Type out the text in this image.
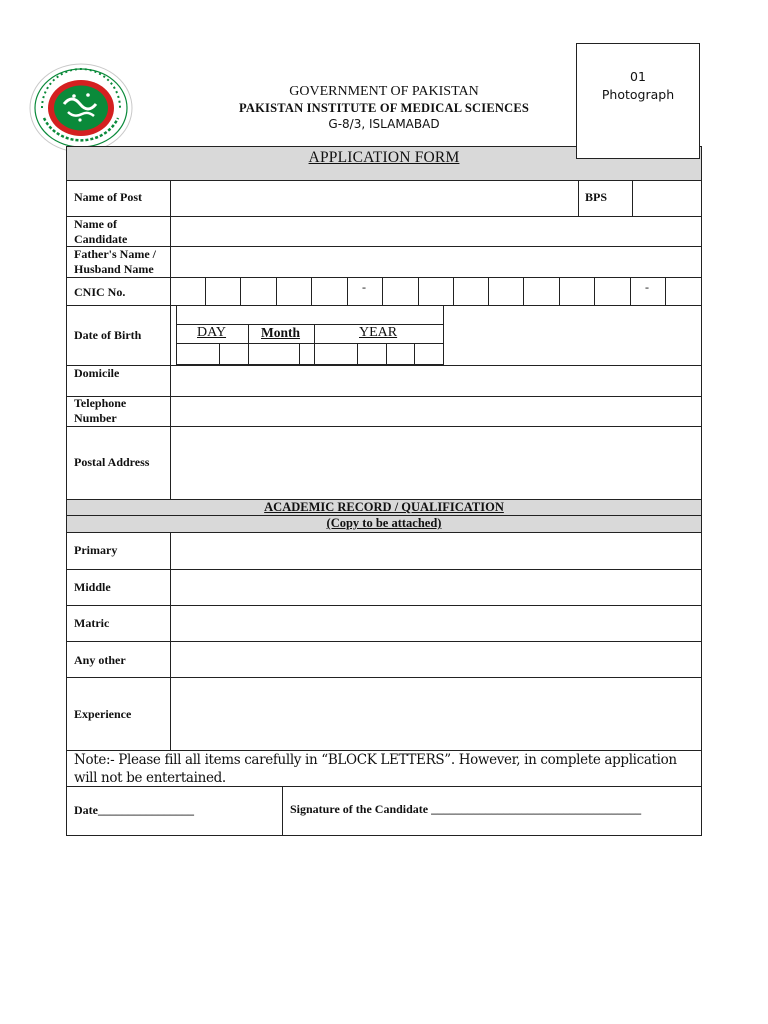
GOVERNMENT OF PAKISTAN
PAKISTAN INSTITUTE OF MEDICAL SCIENCES
G-8/3, ISLAMABAD
01
Photograph
APPLICATION FORM
Name of Post	BPS
Name of Candidate
Father's Name / Husband Name
CNIC No.	-	-
Date of Birth	DAY	Month	YEAR
Domicile
Telephone Number
Postal Address
ACADEMIC RECORD / QUALIFICATION
(Copy to be attached)
Primary
Middle
Matric
Any other
Experience
Note:- Please fill all items carefully in “BLOCK LETTERS”. However, in complete application will not be entertained.
Date________________	Signature of the Candidate ___________________________________
